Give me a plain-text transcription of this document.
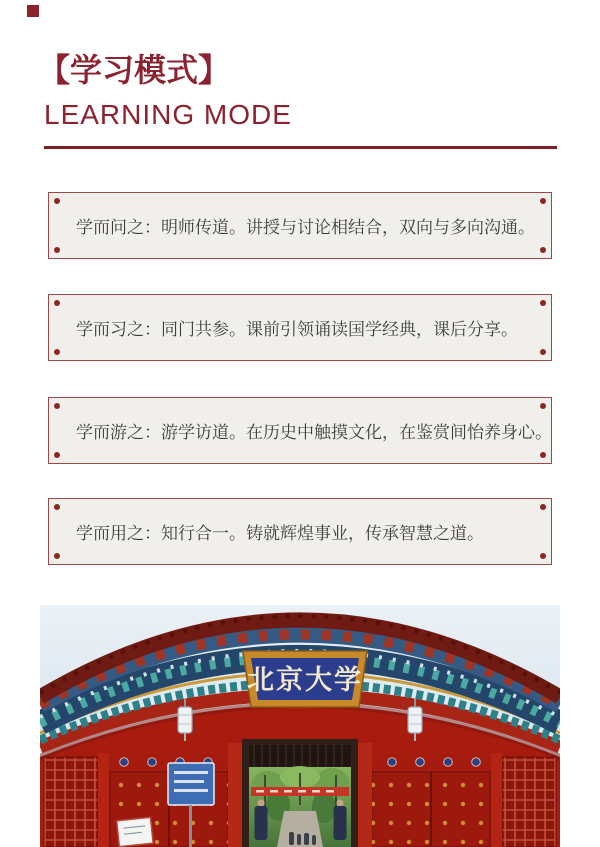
【学习模式】
LEARNING MODE

学而问之：明师传道。讲授与讨论相结合，双向与多向沟通。

学而习之：同门共参。课前引领诵读国学经典，课后分享。

学而游之：游学访道。在历史中触摸文化，在鉴赏间怡养身心。

学而用之：知行合一。铸就辉煌事业，传承智慧之道。

北京大学
